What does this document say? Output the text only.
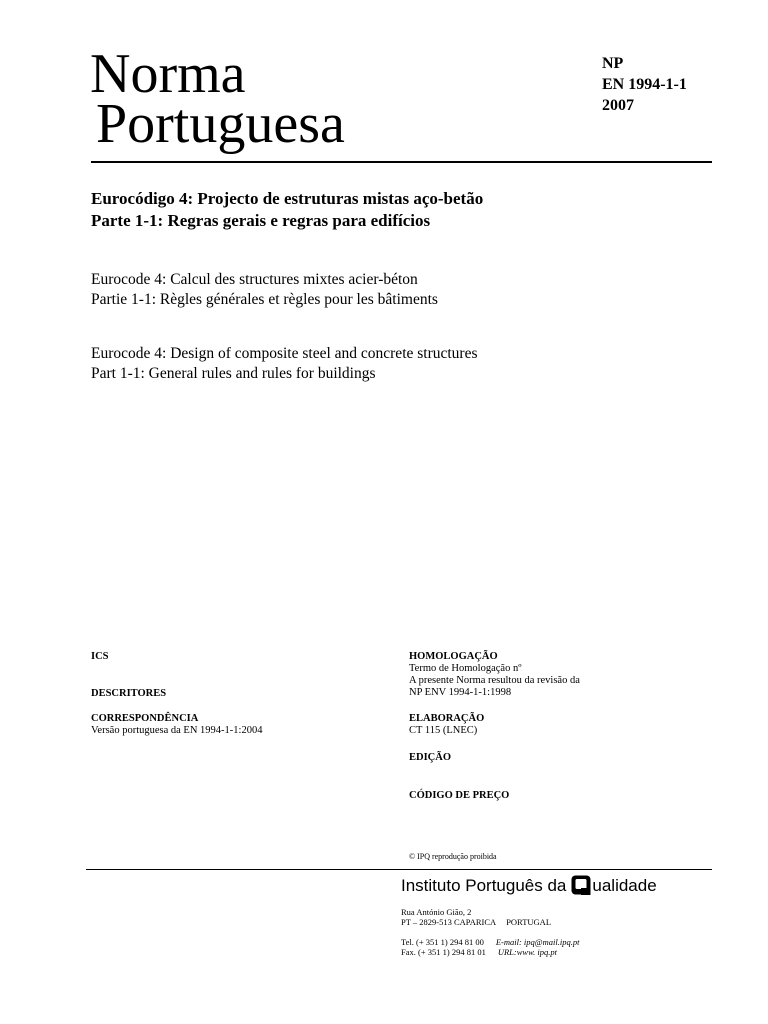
Norma
Portuguesa
NP
EN 1994-1-1
2007
Eurocódigo 4: Projecto de estruturas mistas aço-betão
Parte 1-1: Regras gerais e regras para edifícios
Eurocode 4: Calcul des structures mixtes acier-béton
Partie 1-1: Règles générales et règles pour les bâtiments
Eurocode 4: Design of composite steel and concrete structures
Part 1-1: General rules and rules for buildings
ICS
DESCRITORES
CORRESPONDÊNCIA
Versão portuguesa da EN 1994-1-1:2004
HOMOLOGAÇÃO
Termo de Homologação nº
A presente Norma resultou da revisão da
NP ENV 1994-1-1:1998
ELABORAÇÃO
CT 115 (LNEC)
EDIÇÃO
CÓDIGO DE PREÇO
© IPQ reprodução proibida
Instituto Português da ualidade
Rua António Gião, 2
PT – 2829-513 CAPARICA PORTUGAL
Tel. (+ 351 1) 294 81 00 E-mail: ipq@mail.ipq.pt
Fax. (+ 351 1) 294 81 01 URL:www. ipq.pt
